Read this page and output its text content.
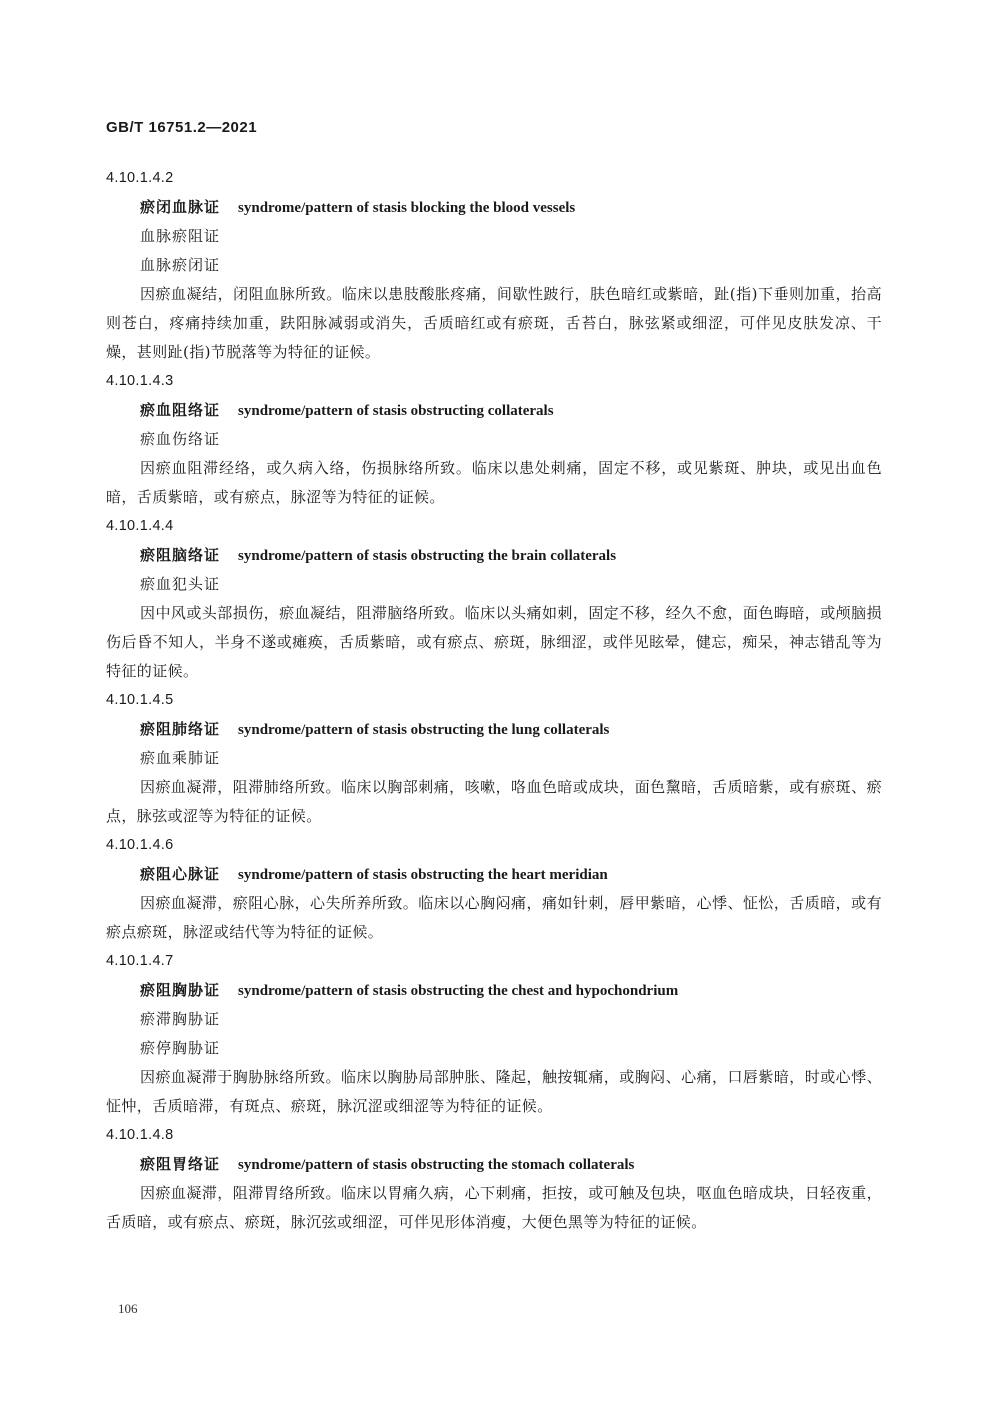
GB/T 16751.2—2021
4.10.1.4.2
瘀闭血脉证 syndrome/pattern of stasis blocking the blood vessels
血脉瘀阻证
血脉瘀闭证

因瘀血凝结，闭阻血脉所致。临床以患肢酸胀疼痛，间歇性跛行，肤色暗红或紫暗，趾(指)下垂则加重，抬高则苍白，疼痛持续加重，趺阳脉减弱或消失，舌质暗红或有瘀斑，舌苔白，脉弦紧或细涩，可伴见皮肤发凉、干燥，甚则趾(指)节脱落等为特征的证候。

4.10.1.4.3
瘀血阻络证 syndrome/pattern of stasis obstructing collaterals
瘀血伤络证

因瘀血阻滞经络，或久病入络，伤损脉络所致。临床以患处刺痛，固定不移，或见紫斑、肿块，或见出血色暗，舌质紫暗，或有瘀点，脉涩等为特征的证候。

4.10.1.4.4
瘀阻脑络证 syndrome/pattern of stasis obstructing the brain collaterals
瘀血犯头证

因中风或头部损伤，瘀血凝结，阻滞脑络所致。临床以头痛如刺，固定不移，经久不愈，面色晦暗，或颅脑损伤后昏不知人，半身不遂或瘫痪，舌质紫暗，或有瘀点、瘀斑，脉细涩，或伴见眩晕，健忘，痴呆，神志错乱等为特征的证候。

4.10.1.4.5
瘀阻肺络证 syndrome/pattern of stasis obstructing the lung collaterals
瘀血乘肺证

因瘀血凝滞，阻滞肺络所致。临床以胸部刺痛，咳嗽，咯血色暗或成块，面色黧暗，舌质暗紫，或有瘀斑、瘀点，脉弦或涩等为特征的证候。

4.10.1.4.6
瘀阻心脉证 syndrome/pattern of stasis obstructing the heart meridian

因瘀血凝滞，瘀阻心脉，心失所养所致。临床以心胸闷痛，痛如针刺，唇甲紫暗，心悸、怔忪，舌质暗，或有瘀点瘀斑，脉涩或结代等为特征的证候。

4.10.1.4.7
瘀阻胸胁证 syndrome/pattern of stasis obstructing the chest and hypochondrium
瘀滞胸胁证
瘀停胸胁证

因瘀血凝滞于胸胁脉络所致。临床以胸胁局部肿胀、隆起，触按辄痛，或胸闷、心痛，口唇紫暗，时或心悸、怔忡，舌质暗滞，有斑点、瘀斑，脉沉涩或细涩等为特征的证候。

4.10.1.4.8
瘀阻胃络证 syndrome/pattern of stasis obstructing the stomach collaterals

因瘀血凝滞，阻滞胃络所致。临床以胃痛久病，心下刺痛，拒按，或可触及包块，呕血色暗成块，日轻夜重，舌质暗，或有瘀点、瘀斑，脉沉弦或细涩，可伴见形体消瘦，大便色黑等为特征的证候。

106
